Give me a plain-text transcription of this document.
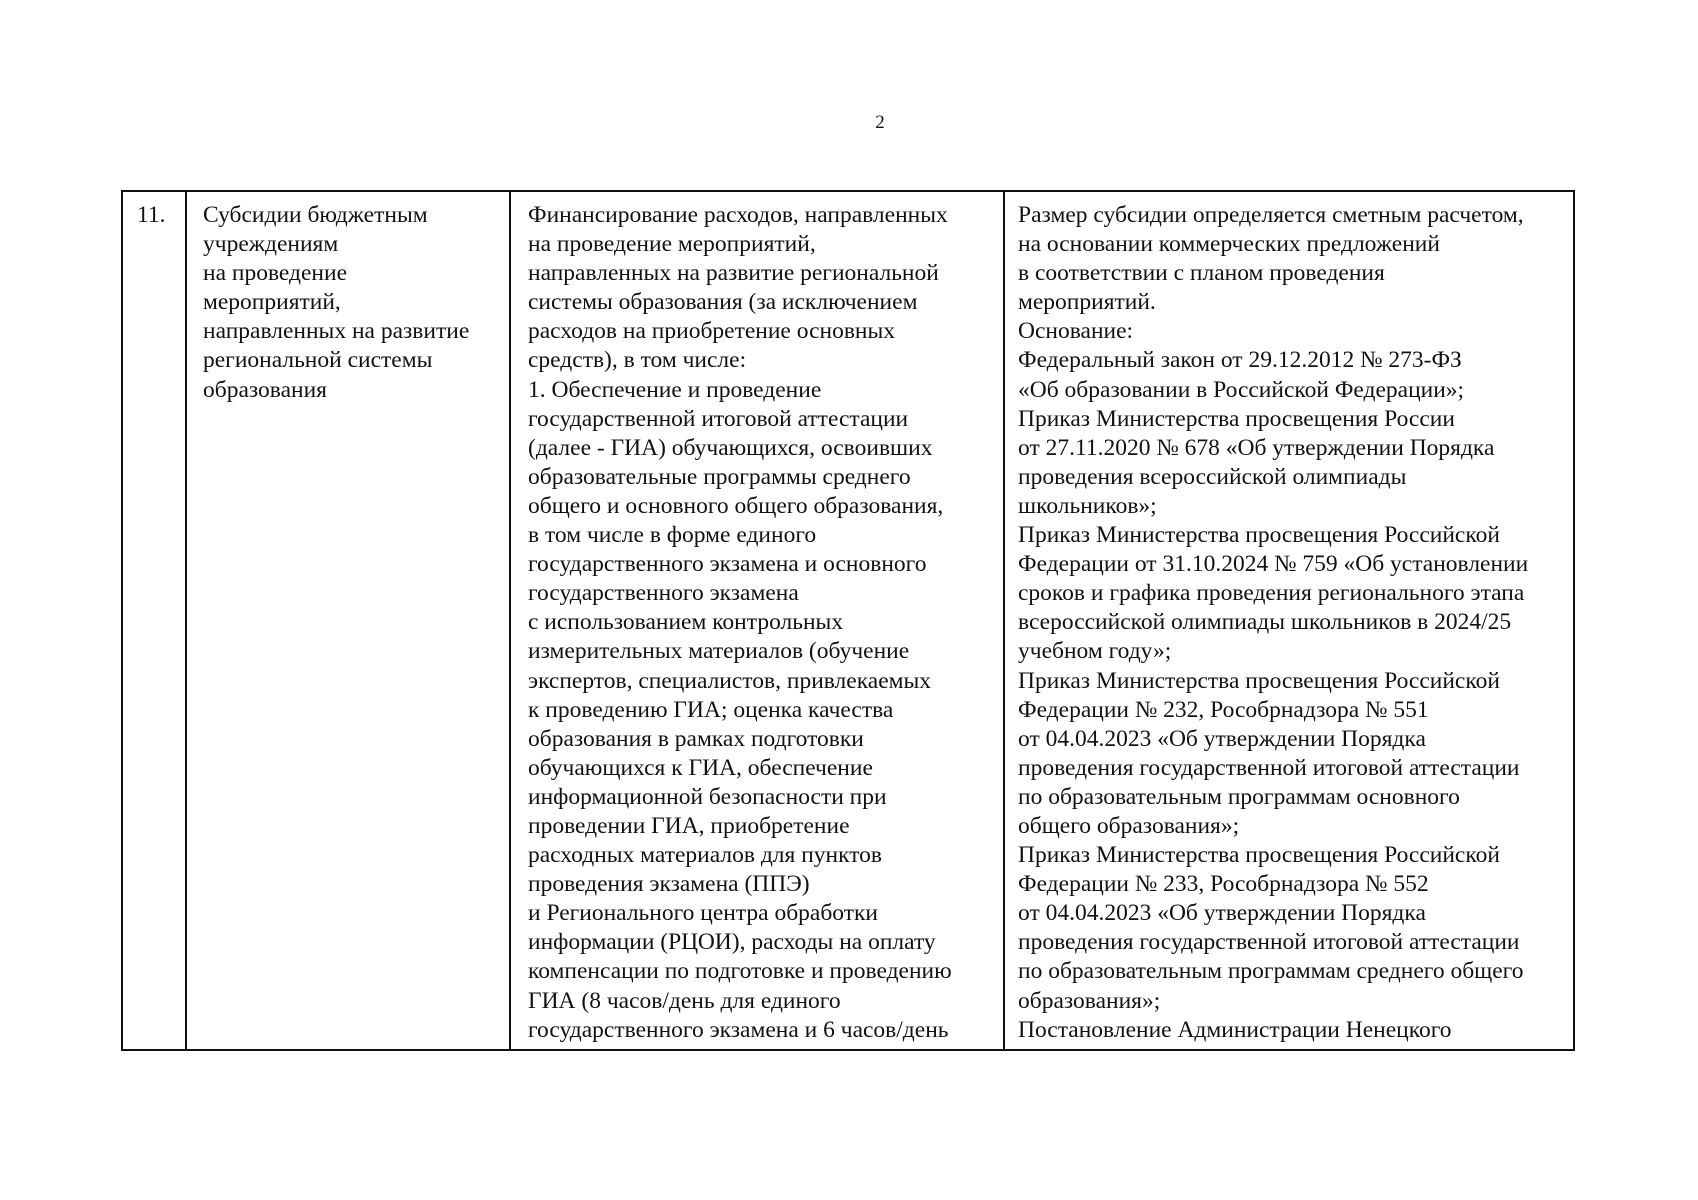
2
11.	Субсидии бюджетным
учреждениям
на проведение
мероприятий,
направленных на развитие
региональной системы
образования
Финансирование расходов, направленных
на проведение мероприятий,
направленных на развитие региональной
системы образования (за исключением
расходов на приобретение основных
средств), в том числе:
1. Обеспечение и проведение
государственной итоговой аттестации
(далее - ГИА) обучающихся, освоивших
образовательные программы среднего
общего и основного общего образования,
в том числе в форме единого
государственного экзамена и основного
государственного экзамена
с использованием контрольных
измерительных материалов (обучение
экспертов, специалистов, привлекаемых
к проведению ГИА; оценка качества
образования в рамках подготовки
обучающихся к ГИА, обеспечение
информационной безопасности при
проведении ГИА, приобретение
расходных материалов для пунктов
проведения экзамена (ППЭ)
и Регионального центра обработки
информации (РЦОИ), расходы на оплату
компенсации по подготовке и проведению
ГИА (8 часов/день для единого
государственного экзамена и 6 часов/день
Размер субсидии определяется сметным расчетом,
на основании коммерческих предложений
в соответствии с планом проведения
мероприятий.
Основание:
Федеральный закон от 29.12.2012 № 273-ФЗ
«Об образовании в Российской Федерации»;
Приказ Министерства просвещения России
от 27.11.2020 № 678 «Об утверждении Порядка
проведения всероссийской олимпиады
школьников»;
Приказ Министерства просвещения Российской
Федерации от 31.10.2024 № 759 «Об установлении
сроков и графика проведения регионального этапа
всероссийской олимпиады школьников в 2024/25
учебном году»;
Приказ Министерства просвещения Российской
Федерации № 232, Рособрнадзора № 551
от 04.04.2023 «Об утверждении Порядка
проведения государственной итоговой аттестации
по образовательным программам основного
общего образования»;
Приказ Министерства просвещения Российской
Федерации № 233, Рособрнадзора № 552
от 04.04.2023 «Об утверждении Порядка
проведения государственной итоговой аттестации
по образовательным программам среднего общего
образования»;
Постановление Администрации Ненецкого
